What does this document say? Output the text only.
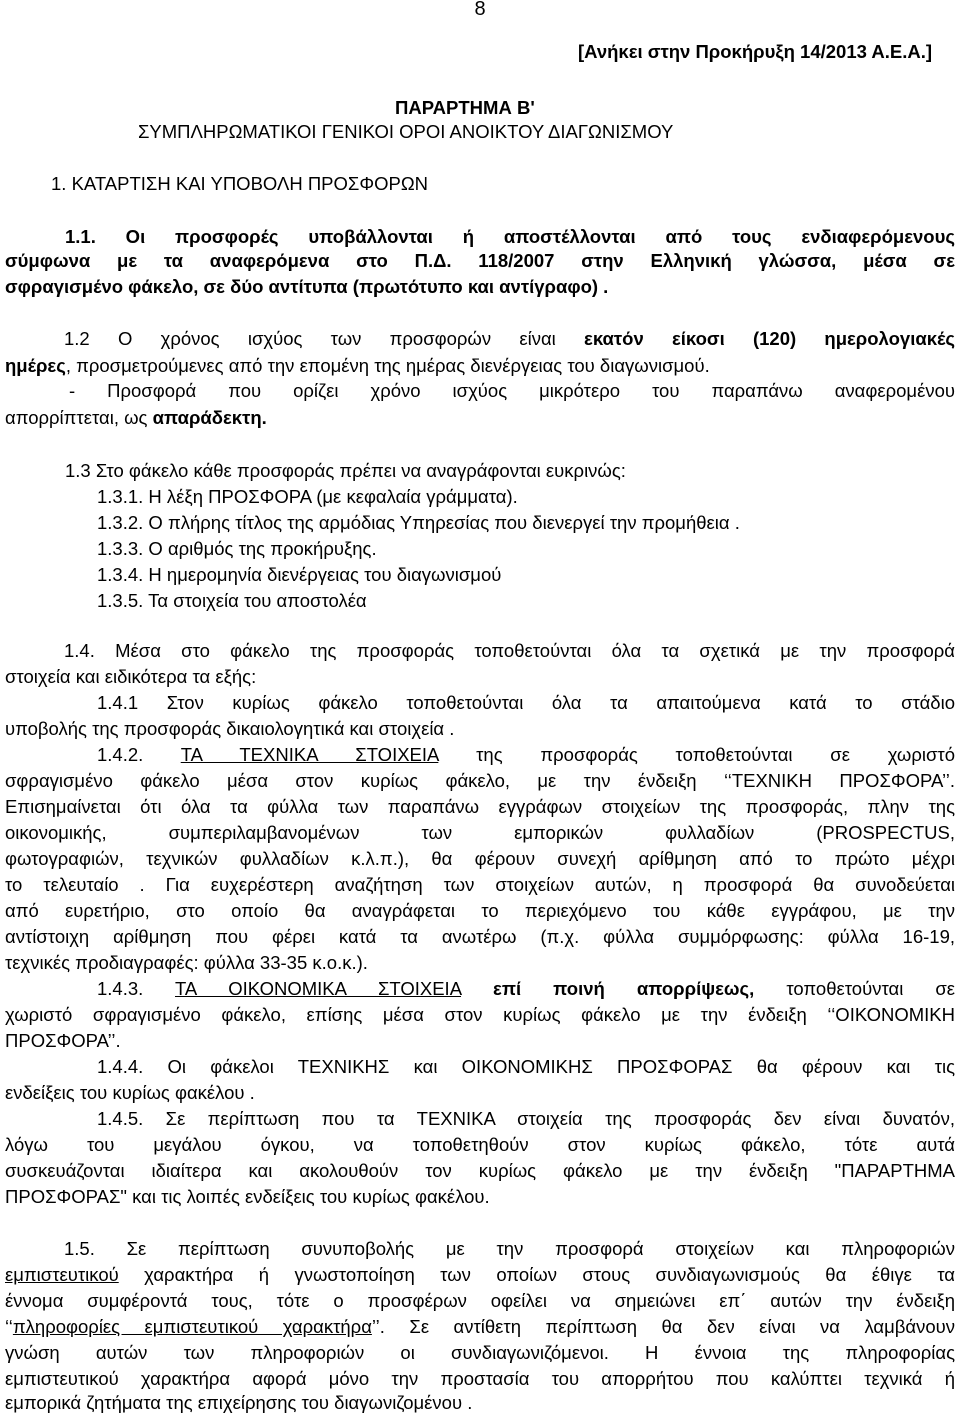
8
[Ανήκει στην Προκήρυξη 14/2013 Α.Ε.Α.]
ΠΑΡΑΡΤΗΜΑ Β'
ΣΥΜΠΛΗΡΩΜΑΤΙΚΟΙ ΓΕΝΙΚΟΙ ΟΡΟΙ ΑΝΟΙΚΤΟΥ ΔΙΑΓΩΝΙΣΜΟΥ
1. ΚΑΤΑΡΤΙΣΗ ΚΑΙ ΥΠΟΒΟΛΗ ΠΡΟΣΦΟΡΩΝ
1.1. Οι προσφορές υποβάλλονται ή αποστέλλονται από τους ενδιαφερόμενους
σύμφωνα με τα αναφερόμενα στο Π.Δ. 118/2007 στην Ελληνική γλώσσα, μέσα σε
σφραγισμένο φάκελο, σε δύο αντίτυπα (πρωτότυπο και αντίγραφο) .
1.2 Ο χρόνος ισχύος των προσφορών είναι εκατόν είκοσι (120) ημερολογιακές
ημέρες, προσμετρούμενες από την επομένη της ημέρας διενέργειας του διαγωνισμού.
- Προσφορά που ορίζει χρόνο ισχύος μικρότερο του παραπάνω αναφερομένου
απορρίπτεται, ως απαράδεκτη.
1.3 Στο φάκελο κάθε προσφοράς πρέπει να αναγράφονται ευκρινώς:
1.3.1. Η λέξη ΠΡΟΣΦΟΡΑ (με κεφαλαία γράμματα).
1.3.2. Ο πλήρης τίτλος της αρμόδιας Υπηρεσίας που διενεργεί την προμήθεια .
1.3.3. Ο αριθμός της προκήρυξης.
1.3.4. Η ημερομηνία διενέργειας του διαγωνισμού
1.3.5. Τα στοιχεία του αποστολέα
1.4. Μέσα στο φάκελο της προσφοράς τοποθετούνται όλα τα σχετικά με την προσφορά
στοιχεία και ειδικότερα τα εξής:
1.4.1 Στον κυρίως φάκελο τοποθετούνται όλα τα απαιτούμενα κατά το στάδιο
υποβολής της προσφοράς δικαιολογητικά και στοιχεία .
1.4.2. ΤΑ ΤΕΧΝΙΚΑ ΣΤΟΙΧΕΙΑ της προσφοράς τοποθετούνται σε χωριστό
σφραγισμένο φάκελο μέσα στον κυρίως φάκελο, με την ένδειξη ‘‘ΤΕΧΝΙΚΗ ΠΡΟΣΦΟΡΑ’’.
Επισημαίνεται ότι όλα τα φύλλα των παραπάνω εγγράφων στοιχείων της προσφοράς, πλην της
οικονομικής, συμπεριλαμβανομένων των εμπορικών φυλλαδίων (PROSPECTUS,
φωτογραφιών, τεχνικών φυλλαδίων κ.λ.π.), θα φέρουν συνεχή αρίθμηση από το πρώτο μέχρι
το τελευταίο . Για ευχερέστερη αναζήτηση των στοιχείων αυτών, η προσφορά θα συνοδεύεται
από ευρετήριο, στο οποίο θα αναγράφεται το περιεχόμενο του κάθε εγγράφου, με την
αντίστοιχη αρίθμηση που φέρει κατά τα ανωτέρω (π.χ. φύλλα συμμόρφωσης: φύλλα 16-19,
τεχνικές προδιαγραφές: φύλλα 33-35 κ.ο.κ.).
1.4.3. ΤΑ ΟΙΚΟΝΟΜΙΚΑ ΣΤΟΙΧΕΙΑ επί ποινή απορρίψεως, τοποθετούνται σε
χωριστό σφραγισμένο φάκελο, επίσης μέσα στον κυρίως φάκελο με την ένδειξη ‘‘ΟΙΚΟΝΟΜΙΚΗ
ΠΡΟΣΦΟΡΑ’’.
1.4.4. Οι φάκελοι ΤΕΧΝΙΚΗΣ και ΟΙΚΟΝΟΜΙΚΗΣ ΠΡΟΣΦΟΡΑΣ θα φέρουν και τις
ενδείξεις του κυρίως φακέλου .
1.4.5. Σε περίπτωση που τα ΤΕΧΝΙΚΑ στοιχεία της προσφοράς δεν είναι δυνατόν,
λόγω του μεγάλου όγκου, να τοποθετηθούν στον κυρίως φάκελο, τότε αυτά
συσκευάζονται ιδιαίτερα και ακολουθούν τον κυρίως φάκελο με την ένδειξη "ΠΑΡΑΡΤΗΜΑ
ΠΡΟΣΦΟΡΑΣ" και τις λοιπές ενδείξεις του κυρίως φακέλου.
1.5. Σε περίπτωση συνυποβολής με την προσφορά στοιχείων και πληροφοριών
εμπιστευτικού χαρακτήρα ή γνωστοποίηση των οποίων στους συνδιαγωνισμούς θα έθιγε τα
έννομα συμφέροντά τους, τότε ο προσφέρων οφείλει να σημειώνει επ΄ αυτών την ένδειξη
‘‘πληροφορίες εμπιστευτικού χαρακτήρα’’. Σε αντίθετη περίπτωση θα δεν είναι να λαμβάνουν
γνώση αυτών των πληροφοριών οι συνδιαγωνιζόμενοι. Η έννοια της πληροφορίας
εμπιστευτικού χαρακτήρα αφορά μόνο την προστασία του απορρήτου που καλύπτει τεχνικά ή
εμπορικά ζητήματα της επιχείρησης του διαγωνιζομένου .
